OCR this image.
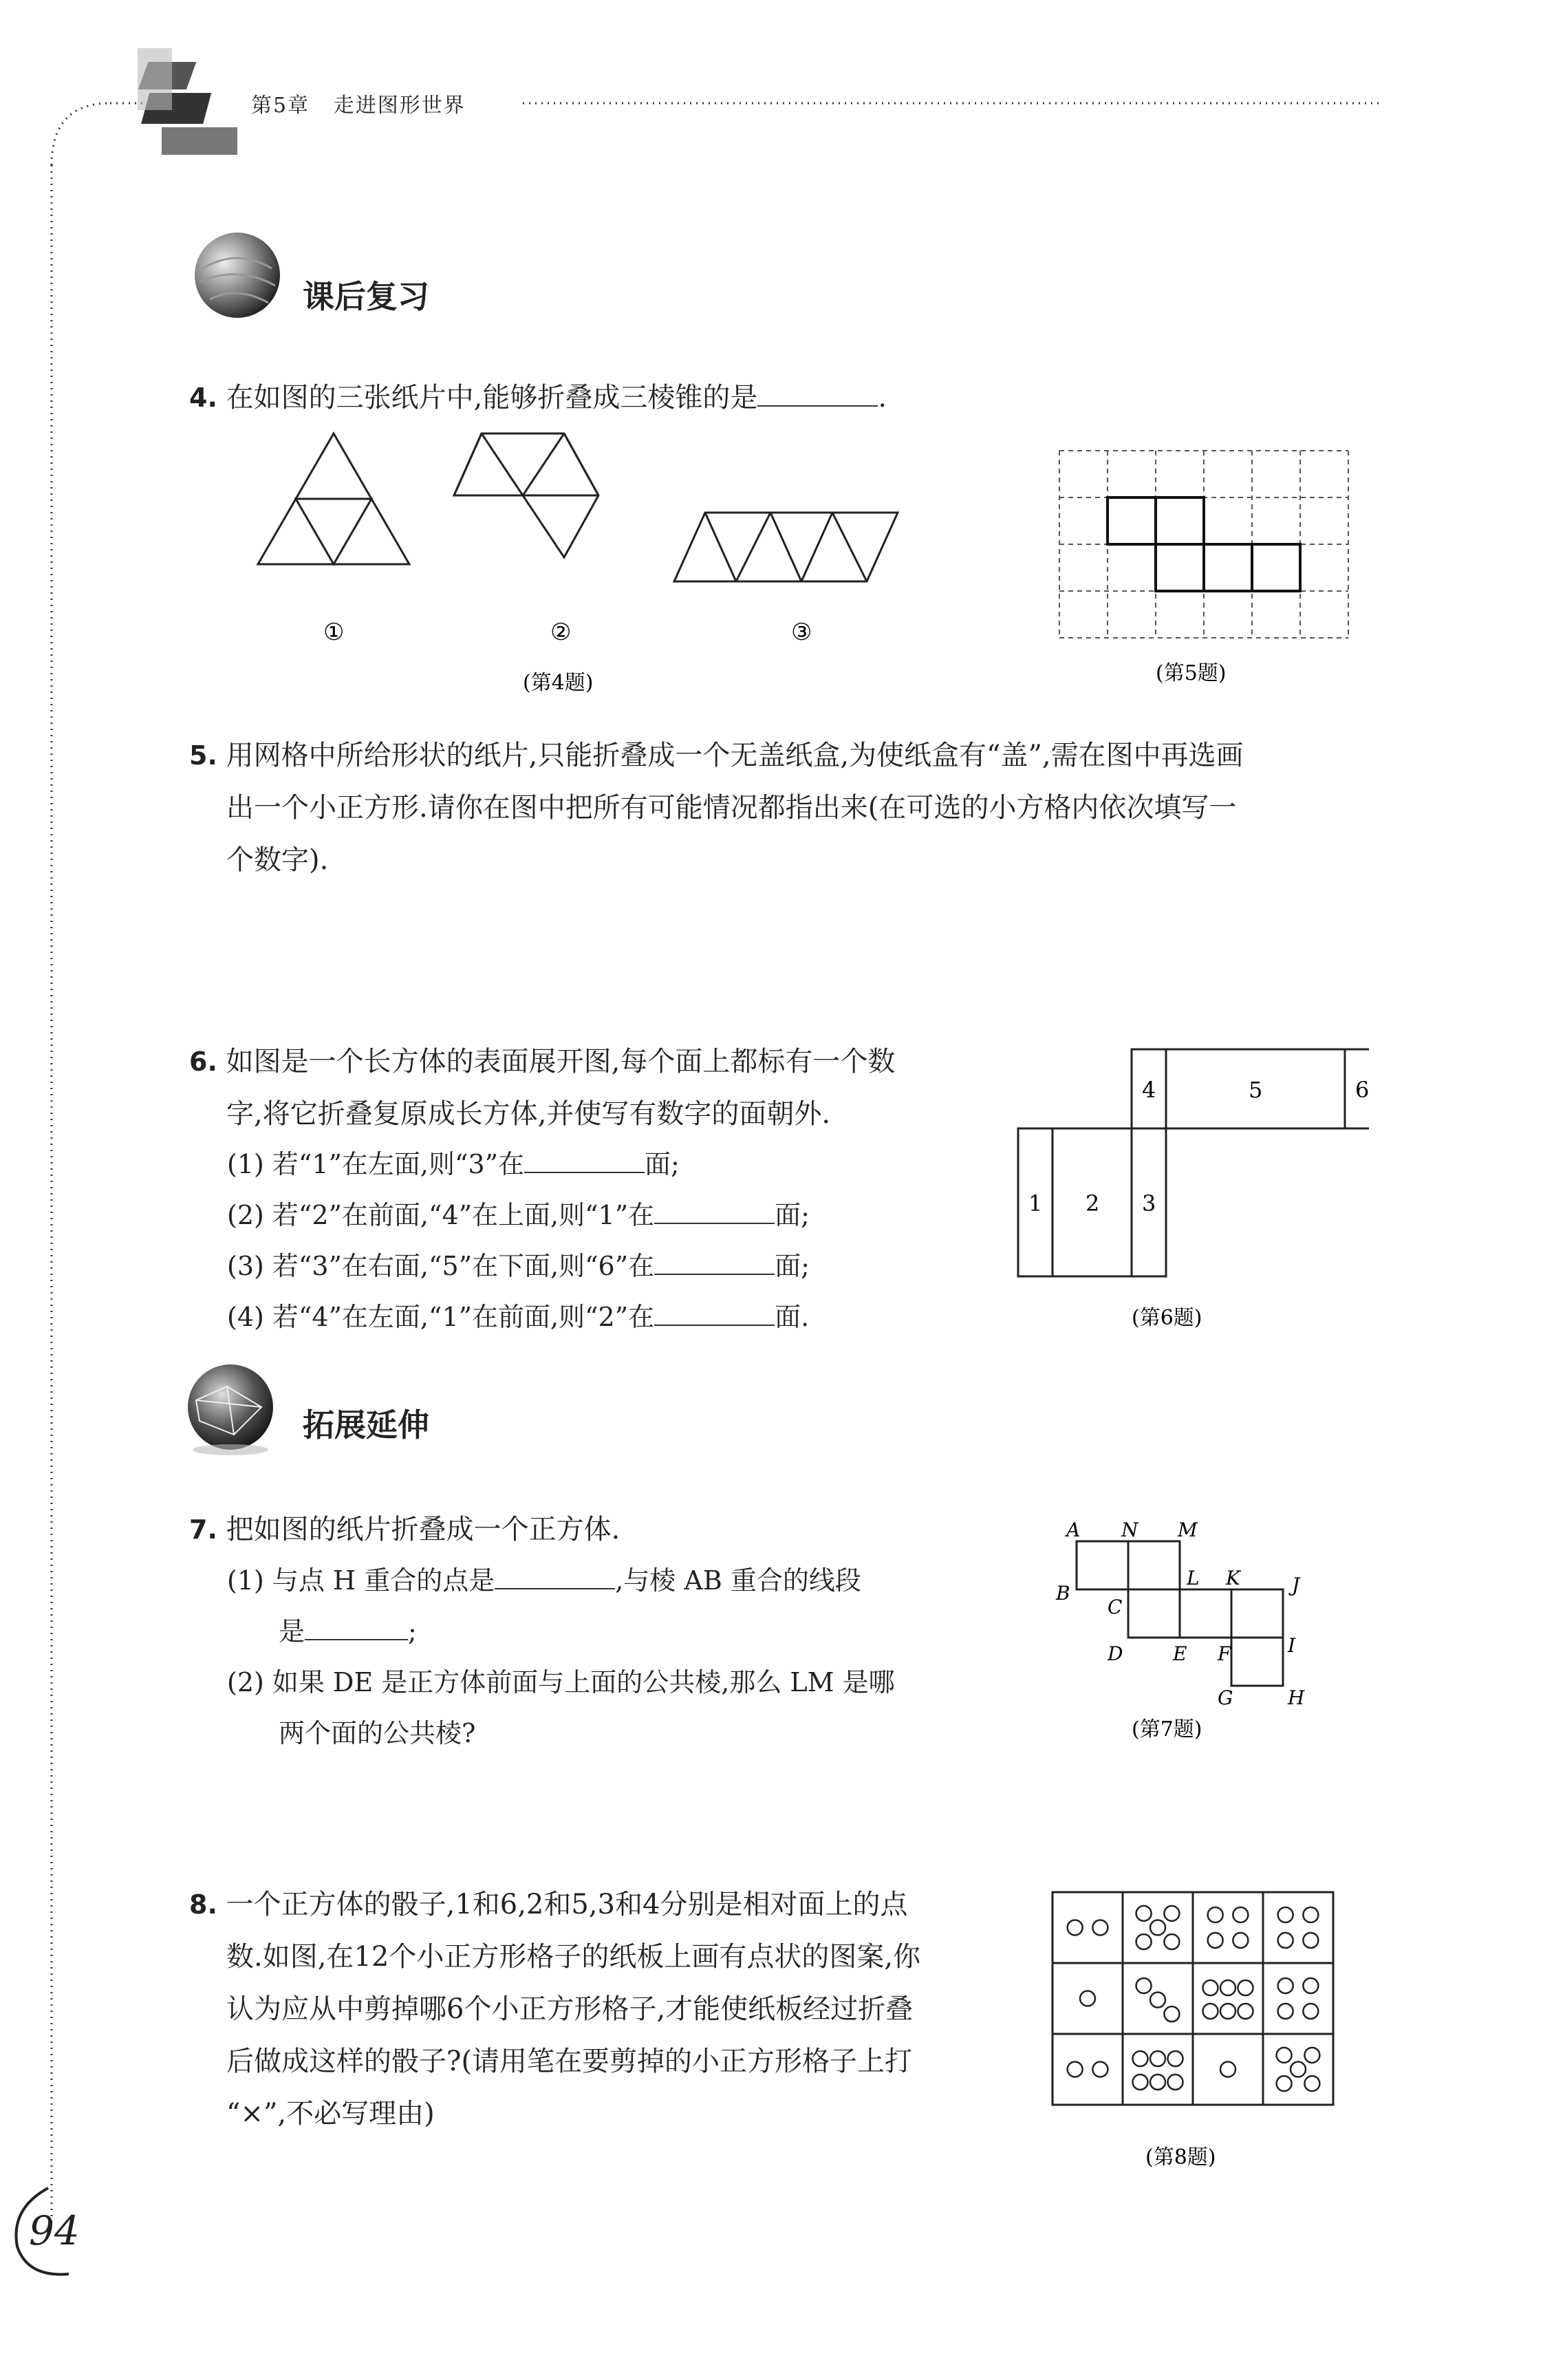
第5章 走进图形世界
课后复习
4. 在如图的三张纸片中,能够折叠成三棱锥的是	.
①	②	③
(第4题)	(第5题)
5. 用网格中所给形状的纸片,只能折叠成一个无盖纸盒,为使纸盒有“盖”,需在图中再选画
出一个小正方形.请你在图中把所有可能情况都指出来(在可选的小方格内依次填写一
个数字).
6. 如图是一个长方体的表面展开图,每个面上都标有一个数
字,将它折叠复原成长方体,并使写有数字的面朝外.
(1) 若“1”在左面,则“3”在	面;
(2) 若“2”在前面,“4”在上面,则“1”在	面;
(3) 若“3”在右面,“5”在下面,则“6”在	面;
(4) 若“4”在左面,“1”在前面,则“2”在	面.
4	5	6
1 2 3
(第6题)
拓展延伸
7. 把如图的纸片折叠成一个正方体.
(1) 与点 H 重合的点是	,与棱 AB 重合的线段
是	;
(2) 如果 DE 是正方体前面与上面的公共棱,那么 LM 是哪
两个面的公共棱?
A N M
B
C
L K	J
D	E F	I
G	H
(第7题)
8. 一个正方体的骰子,1和6,2和5,3和4分别是相对面上的点
数.如图,在12个小正方形格子的纸板上画有点状的图案,你
认为应从中剪掉哪6个小正方形格子,才能使纸板经过折叠
后做成这样的骰子?(请用笔在要剪掉的小正方形格子上打
“×”,不必写理由)
(第8题)
94
